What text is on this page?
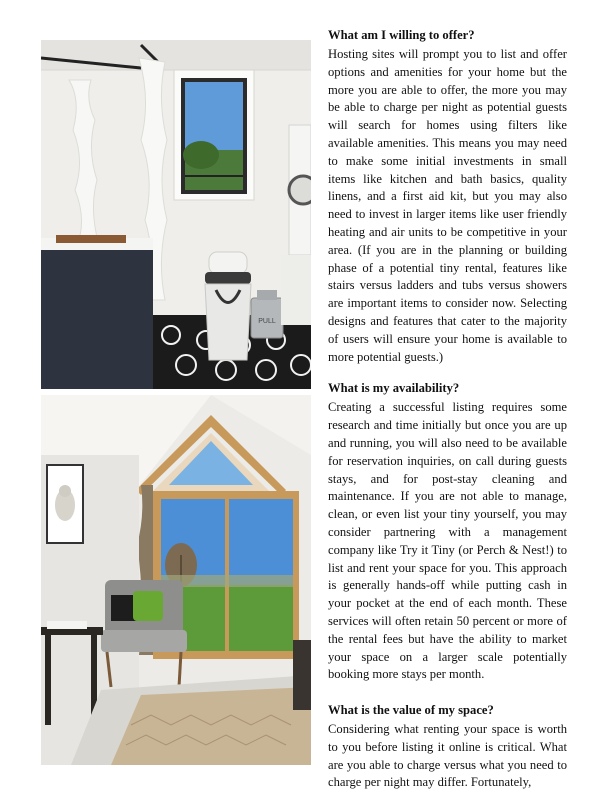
PULL

What am I willing to offer?

Hosting sites will prompt you to list and offer options and amenities for your home but the more you are able to offer, the more you may be able to charge per night as potential guests will search for homes using filters like available amenities. This means you may need to make some initial investments in small items like kitchen and bath basics, quality linens, and a first aid kit, but you may also need to invest in larger items like user friendly heating and air units to be competitive in your area. (If you are in the planning or building phase of a potential tiny rental, features like stairs versus ladders and tubs versus showers are important items to consider now. Selecting designs and features that cater to the majority of users will ensure your home is available to more potential guests.)

What is my availability?

Creating a successful listing requires some research and time initially but once you are up and running, you will also need to be available for reservation inquiries, on call during guests stays, and for post-stay cleaning and maintenance. If you are not able to manage, clean, or even list your tiny yourself, you may consider partnering with a management company like Try it Tiny (or Perch & Nest!) to list and rent your space for you. This approach is generally hands-off while putting cash in your pocket at the end of each month. These services will often retain 50 percent or more of the rental fees but have the ability to market your space on a larger scale potentially booking more stays per month.

What is the value of my space?

Considering what renting your space is worth to you before listing it online is critical. What are you able to charge versus what you need to charge per night may differ. Fortunately,
